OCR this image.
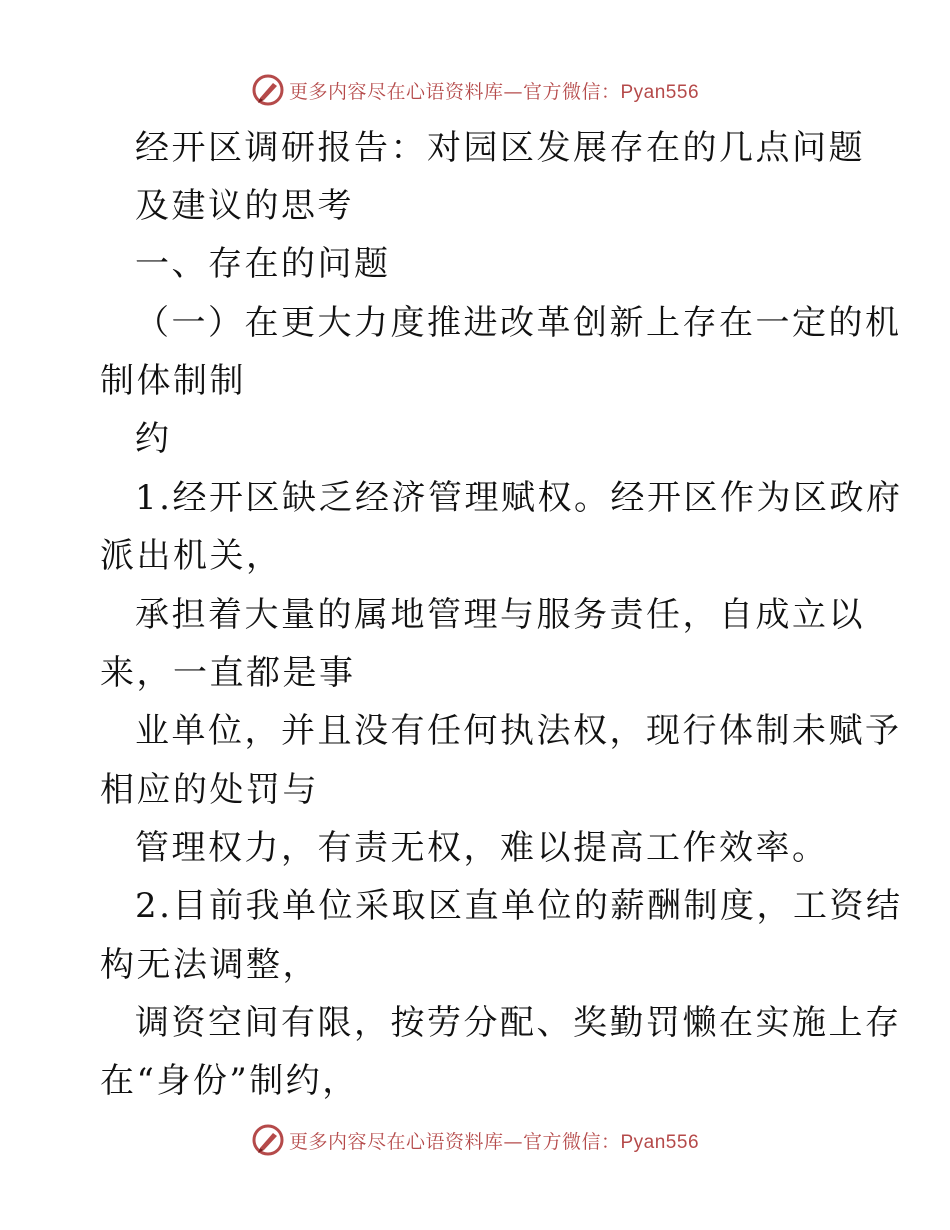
更多内容尽在心语资料库—官方微信：Pyan556
经开区调研报告：对园区发展存在的几点问题
及建议的思考
一、存在的问题
（一）在更大力度推进改革创新上存在一定的机
制体制制
约
1.经开区缺乏经济管理赋权。经开区作为区政府
派出机关，
承担着大量的属地管理与服务责任，自成立以
来，一直都是事
业单位，并且没有任何执法权，现行体制未赋予
相应的处罚与
管理权力，有责无权，难以提高工作效率。
2.目前我单位采取区直单位的薪酬制度，工资结
构无法调整，
调资空间有限，按劳分配、奖勤罚懒在实施上存
在“身份”制约，
更多内容尽在心语资料库—官方微信：Pyan556
